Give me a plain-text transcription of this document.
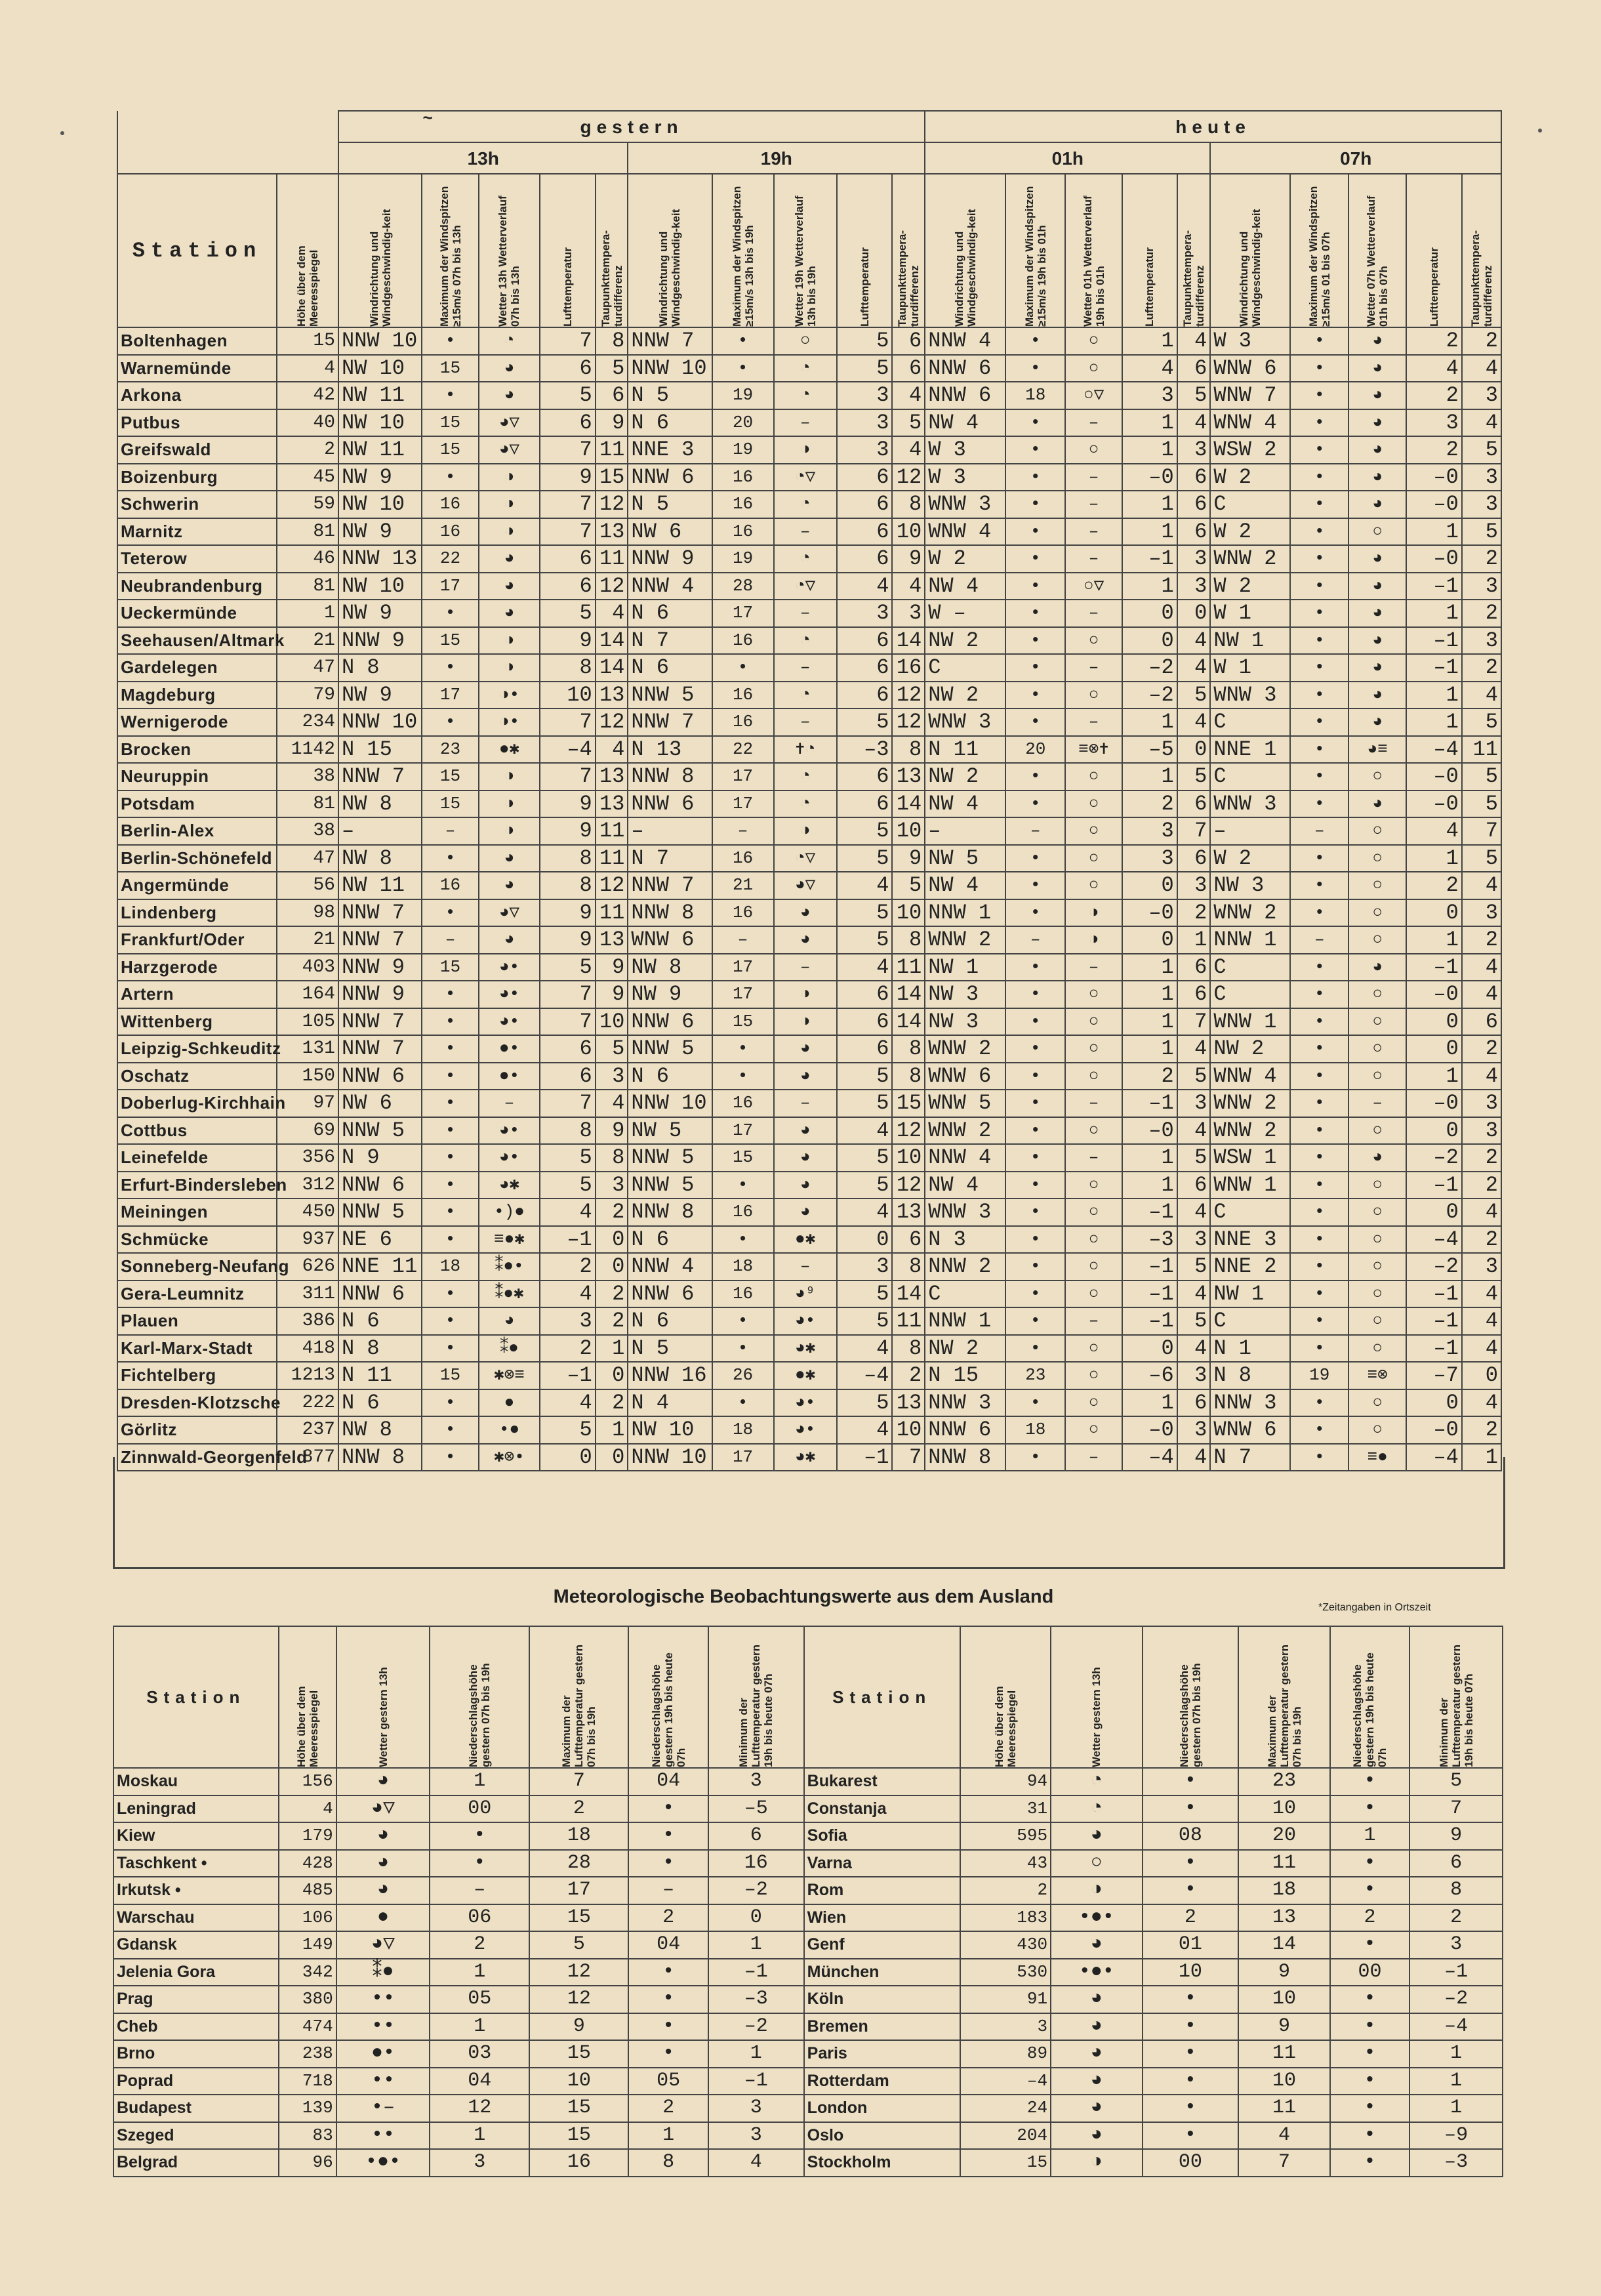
		~ gestern										heute									
		13h					19h					01h					07h				
Station	Höhe über dem Meeresspiegel	Windrichtung und Windgeschwindig-keit	Maximum der Windspitzen ≥15m/s 07h bis 13h	Wetter 13h Wetterverlauf 07h bis 13h	Lufttemperatur	Taupunkttempera-turdifferenz	Windrichtung und Windgeschwindig-keit	Maximum der Windspitzen ≥15m/s 13h bis 19h	Wetter 19h Wetterverlauf 13h bis 19h	Lufttemperatur	Taupunkttempera-turdifferenz	Windrichtung und Windgeschwindig-keit	Maximum der Windspitzen ≥15m/s 19h bis 01h	Wetter 01h Wetterverlauf 19h bis 01h	Lufttemperatur	Taupunkttempera-turdifferenz	Windrichtung und Windgeschwindig-keit	Maximum der Windspitzen ≥15m/s 01 bis 07h	Wetter 07h Wetterverlauf 01h bis 07h	Lufttemperatur	Taupunkttempera-turdifferenz

Boltenhagen	15	NNW 10	•	◔	7	8	NNW 7	•	○	5	6	NNW 4	•	○	1	4	W 3	•	◕	2	2
Warnemünde	4	NW 10	15	◕	6	5	NNW 10	•	◔	5	6	NNW 6	•	○	4	6	WNW 6	•	◕	4	4
Arkona	42	NW 11	•	◕	5	6	N 5	19	◔	3	4	NNW 6	18	○▽	3	5	WNW 7	•	◕	2	3
Putbus	40	NW 10	15	◕▽	6	9	N 6	20	–	3	5	NW 4	•	–	1	4	WNW 4	•	◕	3	4
Greifswald	2	NW 11	15	◕▽	7	11	NNE 3	19	◑	3	4	W 3	•	○	1	3	WSW 2	•	◕	2	5
Boizenburg	45	NW 9	•	◑	9	15	NNW 6	16	◔▽	6	12	W 3	•	–	–0	6	W 2	•	◕	–0	3
Schwerin	59	NW 10	16	◑	7	12	N 5	16	◔	6	8	WNW 3	•	–	1	6	C	•	◕	–0	3
Marnitz	81	NW 9	16	◑	7	13	NW 6	16	–	6	10	WNW 4	•	–	1	6	W 2	•	○	1	5
Teterow	46	NNW 13	22	◕	6	11	NNW 9	19	◔	6	9	W 2	•	–	–1	3	WNW 2	•	◕	–0	2
Neubrandenburg	81	NW 10	17	◕	6	12	NNW 4	28	◔▽	4	4	NW 4	•	○▽	1	3	W 2	•	◕	–1	3
Ueckermünde	1	NW 9	•	◕	5	4	N 6	17	–	3	3	W –	•	–	0	0	W 1	•	◕	1	2
Seehausen/Altmark	21	NNW 9	15	◑	9	14	N 7	16	◔	6	14	NW 2	•	○	0	4	NW 1	•	◕	–1	3
Gardelegen	47	N 8	•	◑	8	14	N 6	•	–	6	16	C	•	–	–2	4	W 1	•	◕	–1	2
Magdeburg	79	NW 9	17	◑•	10	13	NNW 5	16	◔	6	12	NW 2	•	○	–2	5	WNW 3	•	◕	1	4
Wernigerode	234	NNW 10	•	◑•	7	12	NNW 7	16	–	5	12	WNW 3	•	–	1	4	C	•	◕	1	5
Brocken	1142	N 15	23	●✱	–4	4	N 13	22	✝◔	–3	8	N 11	20	≡⊗✝	–5	0	NNE 1	•	◕≡	–4	11
Neuruppin	38	NNW 7	15	◑	7	13	NNW 8	17	◔	6	13	NW 2	•	○	1	5	C	•	○	–0	5
Potsdam	81	NW 8	15	◑	9	13	NNW 6	17	◔	6	14	NW 4	•	○	2	6	WNW 3	•	◕	–0	5
Berlin-Alex	38	–	–	◑	9	11	–	–	◑	5	10	–	–	○	3	7	–	–	○	4	7
Berlin-Schönefeld	47	NW 8	•	◕	8	11	N 7	16	◔▽	5	9	NW 5	•	○	3	6	W 2	•	○	1	5
Angermünde	56	NW 11	16	◕	8	12	NNW 7	21	◕▽	4	5	NW 4	•	○	0	3	NW 3	•	○	2	4
Lindenberg	98	NNW 7	•	◕▽	9	11	NNW 8	16	◕	5	10	NNW 1	•	◑	–0	2	WNW 2	•	○	0	3
Frankfurt/Oder	21	NNW 7	–	◕	9	13	WNW 6	–	◕	5	8	WNW 2	–	◑	0	1	NNW 1	–	○	1	2
Harzgerode	403	NNW 9	15	◕•	5	9	NW 8	17	–	4	11	NW 1	•	–	1	6	C	•	◕	–1	4
Artern	164	NNW 9	•	◕•	7	9	NW 9	17	◑	6	14	NW 3	•	○	1	6	C	•	○	–0	4
Wittenberg	105	NNW 7	•	◕•	7	10	NNW 6	15	◑	6	14	NW 3	•	○	1	7	WNW 1	•	○	0	6
Leipzig-Schkeuditz	131	NNW 7	•	●•	6	5	NNW 5	•	◕	6	8	WNW 2	•	○	1	4	NW 2	•	○	0	2
Oschatz	150	NNW 6	•	●•	6	3	N 6	•	◕	5	8	WNW 6	•	○	2	5	WNW 4	•	○	1	4
Doberlug-Kirchhain	97	NW 6	•	–	7	4	NNW 10	16	–	5	15	WNW 5	•	–	–1	3	WNW 2	•	–	–0	3
Cottbus	69	NNW 5	•	◕•	8	9	NW 5	17	◕	4	12	WNW 2	•	○	–0	4	WNW 2	•	○	0	3
Leinefelde	356	N 9	•	◕•	5	8	NNW 5	15	◕	5	10	NNW 4	•	–	1	5	WSW 1	•	◕	–2	2
Erfurt-Bindersleben	312	NNW 6	•	◕✱	5	3	NNW 5	•	◕	5	12	NW 4	•	○	1	6	WNW 1	•	○	–1	2
Meiningen	450	NNW 5	•	•)●	4	2	NNW 8	16	◕	4	13	WNW 3	•	○	–1	4	C	•	○	0	4
Schmücke	937	NE 6	•	≡●✱	–1	0	N 6	•	●✱	0	6	N 3	•	○	–3	3	NNE 3	•	○	–4	2
Sonneberg-Neufang	626	NNE 11	18	⁑●•	2	0	NNW 4	18	–	3	8	NNW 2	•	○	–1	5	NNE 2	•	○	–2	3
Gera-Leumnitz	311	NNW 6	•	⁑●✱	4	2	NNW 6	16	◕⁹	5	14	C	•	○	–1	4	NW 1	•	○	–1	4
Plauen	386	N 6	•	◕	3	2	N 6	•	◕•	5	11	NNW 1	•	–	–1	5	C	•	○	–1	4
Karl-Marx-Stadt	418	N 8	•	⁑●	2	1	N 5	•	◕✱	4	8	NW 2	•	○	0	4	N 1	•	○	–1	4
Fichtelberg	1213	N 11	15	✱⊗≡	–1	0	NNW 16	26	●✱	–4	2	N 15	23	○	–6	3	N 8	19	≡⊗	–7	0
Dresden-Klotzsche	222	N 6	•	●	4	2	N 4	•	◕•	5	13	NNW 3	•	○	1	6	NNW 3	•	○	0	4
Görlitz	237	NW 8	•	•●	5	1	NW 10	18	◕•	4	10	NNW 6	18	○	–0	3	WNW 6	•	○	–0	2
Zinnwald-Georgenfeld	877	NNW 8	•	✱⊗•	0	0	NNW 10	17	◕✱	–1	7	NNW 8	•	–	–4	4	N 7	•	≡●	–4	1
Meteorologische Beobachtungswerte aus dem Ausland
*Zeitangaben in Ortszeit
Station	Höhe über dem Meeresspiegel	Wetter gestern 13h	Niederschlagshöhe gestern 07h bis 19h	Maximum der Lufttemperatur gestern 07h bis 19h	Niederschlagshöhe gestern 19h bis heute 07h	Minimum der Lufttemperatur gestern 19h bis heute 07h	Station	Höhe über dem Meeresspiegel	Wetter gestern 13h	Niederschlagshöhe gestern 07h bis 19h	Maximum der Lufttemperatur gestern 07h bis 19h	Niederschlagshöhe gestern 19h bis heute 07h	Minimum der Lufttemperatur gestern 19h bis heute 07h

Moskau	156	◕	1	7	04	3	Bukarest	94	◔	•	23	•	5
Leningrad	4	◕▽	00	2	•	–5	Constanja	31	◔	•	10	•	7
Kiew	179	◕	•	18	•	6	Sofia	595	◕	08	20	1	9
Taschkent •	428	◕	•	28	•	16	Varna	43	○	•	11	•	6
Irkutsk •	485	◕	–	17	–	–2	Rom	2	◑	•	18	•	8
Warschau	106	●	06	15	2	0	Wien	183	•●•	2	13	2	2
Gdansk	149	◕▽	2	5	04	1	Genf	430	◕	01	14	•	3
Jelenia Gora	342	⁑●	1	12	•	–1	München	530	•●•	10	9	00	–1
Prag	380	••	05	12	•	–3	Köln	91	◕	•	10	•	–2
Cheb	474	••	1	9	•	–2	Bremen	3	◕	•	9	•	–4
Brno	238	●•	03	15	•	1	Paris	89	◕	•	11	•	1
Poprad	718	••	04	10	05	–1	Rotterdam	–4	◕	•	10	•	1
Budapest	139	•–	12	15	2	3	London	24	◕	•	11	•	1
Szeged	83	••	1	15	1	3	Oslo	204	◕	•	4	•	–9
Belgrad	96	•●•	3	16	8	4	Stockholm	15	◑	00	7	•	–3
